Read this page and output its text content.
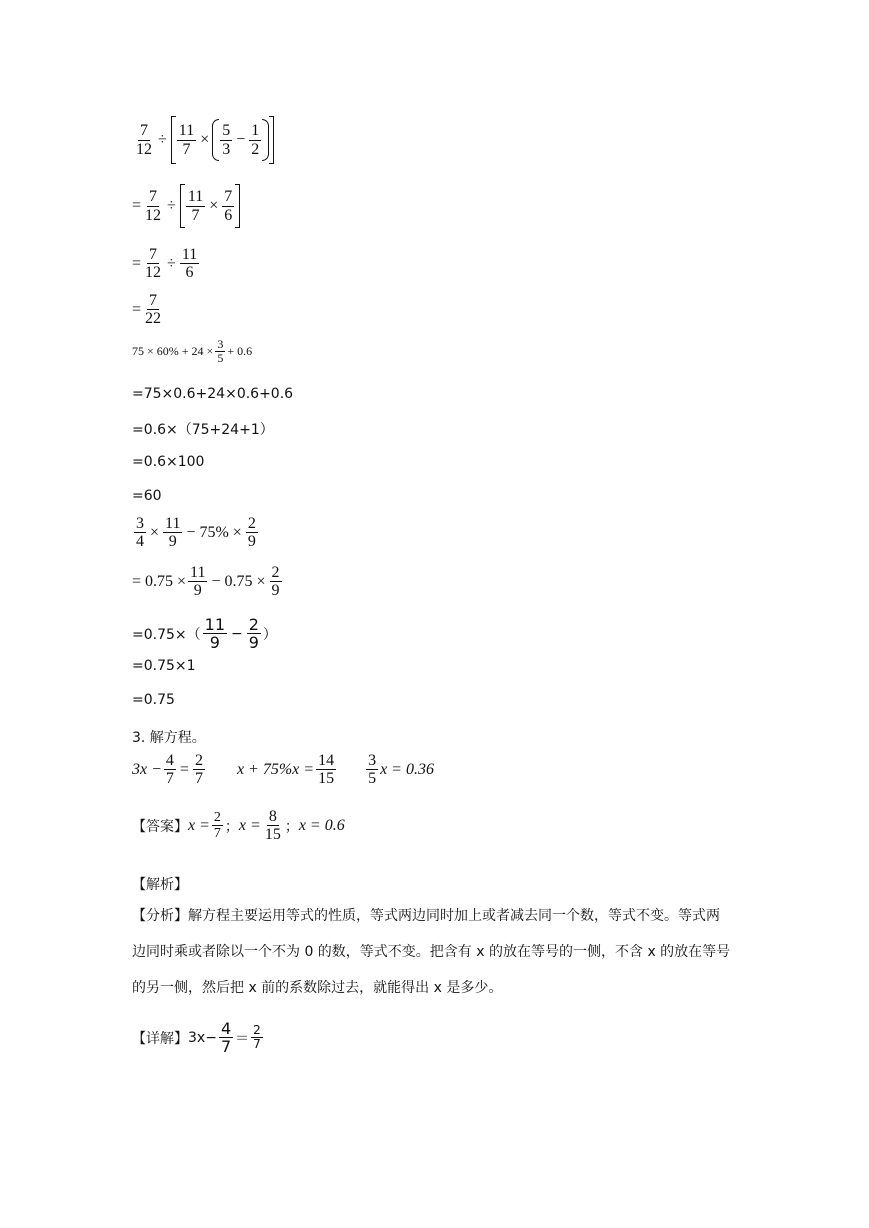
$\frac{7}{12} \div \frac{11}{7}$ ×
5
3
− $\frac{1}{2}$
= $\frac{7}{12} \div \frac{11}{7} \times \frac{7}{6}$
= $\frac{7}{12} \div \frac{11}{6}$
= $\frac{7}{22}$
$75 \times 60\% + 24 \times \frac{3}{5} + 0.6$
=75×0.6+24×0.6+0.6
=0.6×（75+24+1）
=0.6×100
=60
$\frac{3}{4} \times \frac{11}{9} - 75\% \times \frac{2}{9}$
= $0.75 \times \frac{11}{9} - 0.75 \times \frac{2}{9}$
=0.75×（
11
$9 - \frac{2}{9}$ ）
=0.75×1
=0.75
3. 解方程。
$3x - \frac{4}{7} = \frac{2}{7}$ $x + 75\%x = \frac{14}{15} 3$
5
x = 0.36
【答案】 $x = \frac{2}{7}$ ； $x = \frac{8}{15}$ ； x = 0.6
【解析】
【分析】解方程主要运用等式的性质，等式两边同时加上或者减去同一个数，等式不变。等式两边同时乘或者除以一个不为 0 的数，等式不变。把含有 x 的放在等号的一侧，不含 x 的放在等号的另一侧，然后把 x 前的系数除过去，就能得出 x 是多少。
【详解】 $3x- \frac{4}{7}$ ＝
2
7
